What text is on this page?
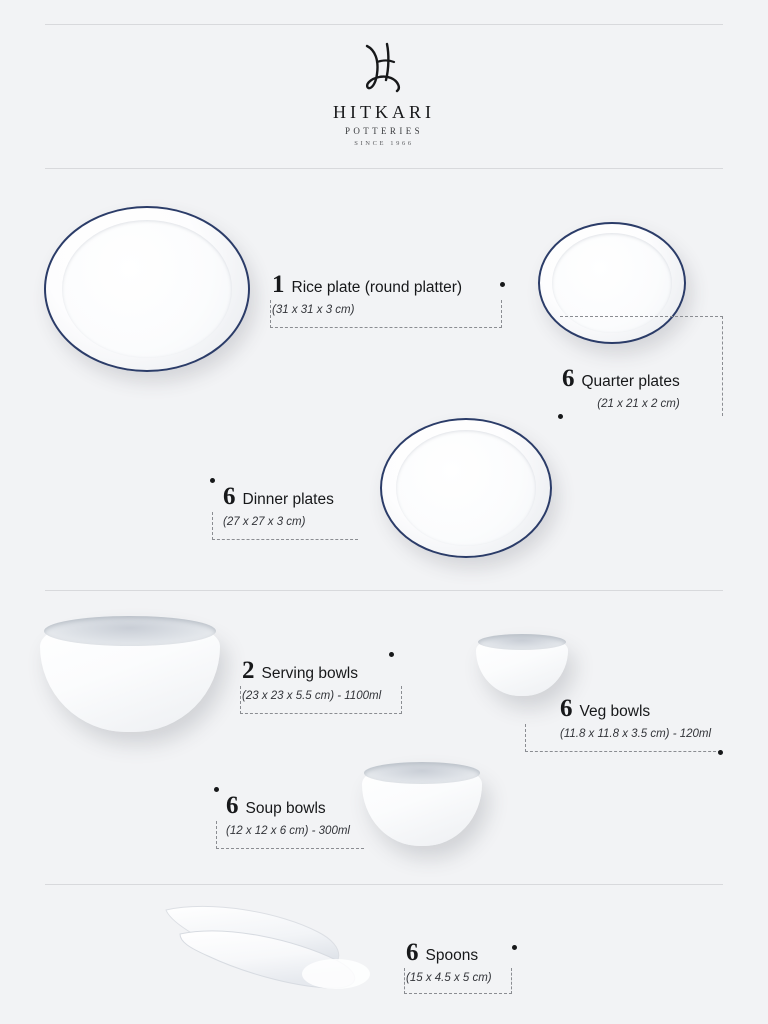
HITKARI
POTTERIES
SINCE 1966
1 Rice plate (round platter)
(31 x 31 x 3 cm)
6 Quarter plates
(21 x 21 x 2 cm)
6 Dinner plates
(27 x 27 x 3 cm)
2 Serving bowls
(23 x 23 x 5.5 cm) - 1100ml	6 Veg bowls
(11.8 x 11.8 x 3.5 cm) - 120ml
6 Soup bowls
(12 x 12 x 6 cm) - 300ml
6 Spoons
(15 x 4.5 x 5 cm)
